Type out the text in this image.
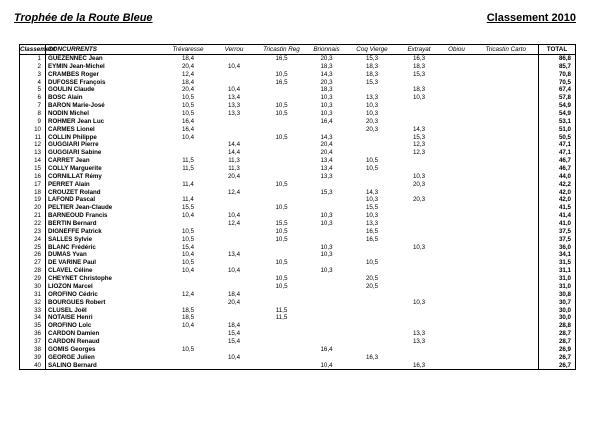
Trophée de la Route Bleue	Classement 2010
Classement	CONCURRENTS	Trévaresse	Verrou	Tricastin Reg	Brionnais	Coq Vierge	Extrayat	Obiou	Tricastin Carto	TOTAL
1	GUEZENNEC Jean	18,4		16,5	20,3	15,3	16,3			86,8
2	EYMIN Jean-Michel	20,4	10,4		18,3	18,3	18,3			85,7
3	CRAMBES Roger	12,4		10,5	14,3	18,3	15,3			70,8
4	DUFOSSE François	18,4		16,5	20,3	15,3				70,5
5	GOULIN Claude	20,4	10,4		18,3		18,3			67,4
6	BOSC Alain	10,5	13,4		10,3	13,3	10,3			57,8
7	BARON Marie-José	10,5	13,3	10,5	10,3	10,3				54,9
8	NODIN Michel	10,5	13,3	10,5	10,3	10,3				54,9
9	ROHMER Jean Luc	16,4			16,4	20,3				53,1
10	CARMES Lionel	16,4				20,3	14,3			51,0
11	COLLIN Philippe	10,4		10,5	14,3		15,3			50,5
12	GUGGIARI Pierre		14,4		20,4		12,3			47,1
13	GUGGIARI Sabine		14,4		20,4		12,3			47,1
14	CARRET Jean	11,5	11,3		13,4	10,5				46,7
15	COLLY Marguerite	11,5	11,3		13,4	10,5				46,7
16	CORNILLAT Rémy		20,4		13,3		10,3			44,0
17	PERRET Alain	11,4		10,5			20,3			42,2
18	CROUZET Roland		12,4		15,3	14,3				42,0
19	LAFOND Pascal	11,4				10,3	20,3			42,0
20	PELTIER Jean-Claude	15,5		10,5		15,5				41,5
21	BARNEOUD Francis	10,4	10,4		10,3	10,3				41,4
22	BERTIN Bernard		12,4	15,5	10,3	13,3				41,0
23	DIGNEFFE Patrick	10,5		10,5		16,5				37,5
24	SALLES Sylvie	10,5		10,5		16,5				37,5
25	BLANC Frédéric	15,4			10,3		10,3			36,0
26	DUMAS Yvan	10,4	13,4		10,3					34,1
27	DE VARINE Paul	10,5		10,5		10,5				31,5
28	CLAVEL Céline	10,4	10,4		10,3					31,1
29	CHEYNET Christophe			10,5		20,5				31,0
30	LIOZON Marcel			10,5		20,5				31,0
31	OROFINO Cédric	12,4	18,4							30,8
32	BOURGUES Robert		20,4				10,3			30,7
33	CLUSEL Joël	18,5		11,5						30,0
34	NOTAISE Henri	18,5		11,5						30,0
35	OROFINO Loïc	10,4	18,4							28,8
36	CARDON Damien		15,4				13,3			28,7
37	CARDON Renaud		15,4				13,3			28,7
38	GOMIS Georges	10,5			16,4					26,9
39	GEORGE Julien		10,4			16,3				26,7
40	SALINO Bernard				10,4		16,3			26,7
